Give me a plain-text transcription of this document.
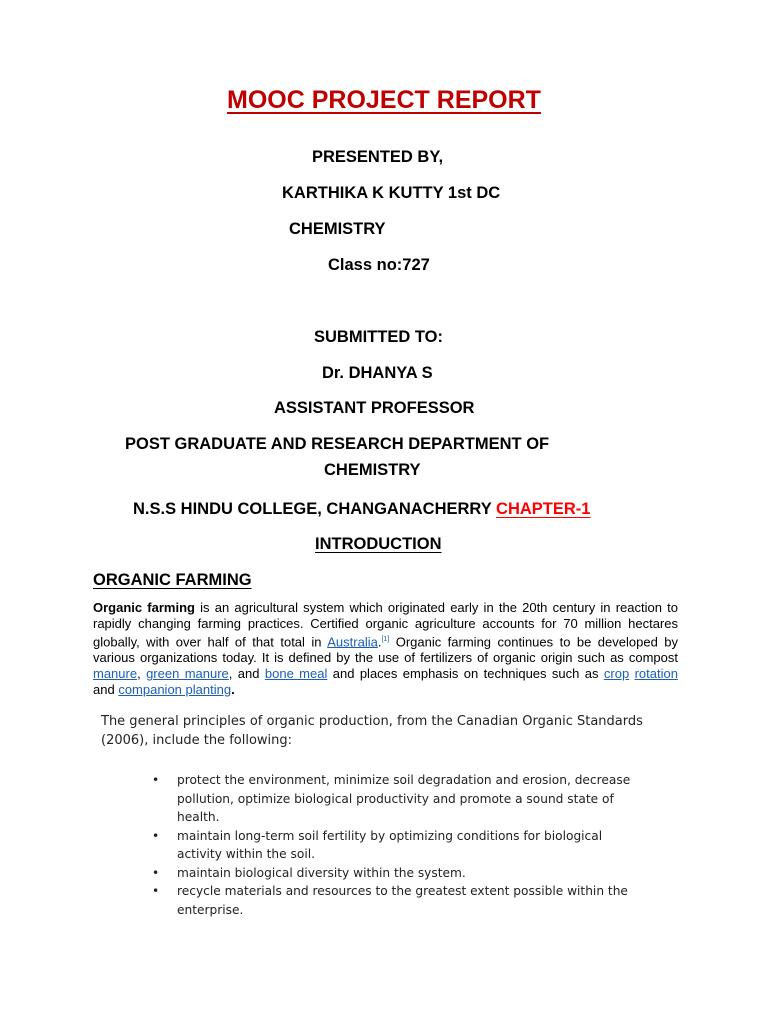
MOOC PROJECT REPORT
PRESENTED BY,
KARTHIKA K KUTTY 1st DC
CHEMISTRY
Class no:727
SUBMITTED TO:
Dr. DHANYA S
ASSISTANT PROFESSOR
POST GRADUATE AND RESEARCH DEPARTMENT OF
CHEMISTRY
N.S.S HINDU COLLEGE, CHANGANACHERRY CHAPTER-1
INTRODUCTION
ORGANIC FARMING
Organic farming is an agricultural system which originated early in the 20th century in reaction to rapidly changing farming practices. Certified organic agriculture accounts for 70 million hectares globally, with over half of that total in Australia.[1] Organic farming continues to be developed by various organizations today. It is defined by the use of fertilizers of organic origin such as compost manure, green manure, and bone meal and places emphasis on techniques such as crop rotation and companion planting.
The general principles of organic production, from the Canadian Organic Standards (2006), include the following:
• protect the environment, minimize soil degradation and erosion, decrease pollution, optimize biological productivity and promote a sound state of health.
• maintain long-term soil fertility by optimizing conditions for biological activity within the soil.
• maintain biological diversity within the system.
• recycle materials and resources to the greatest extent possible within the enterprise.
